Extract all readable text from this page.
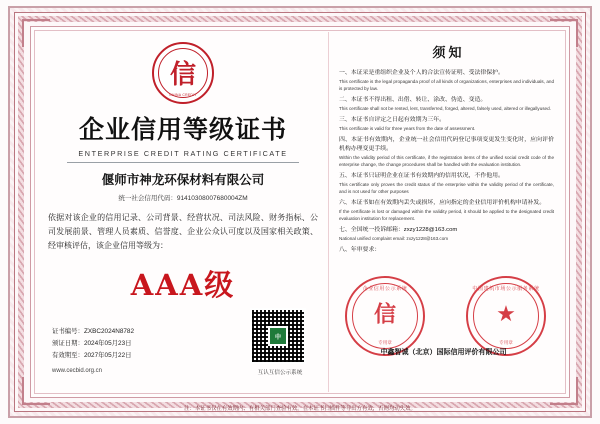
信
CHINA CREDIT
企业信用等级证书
ENTERPRISE CREDIT RATING CERTIFICATE
偃师市神龙环保材料有限公司
统一社会信用代码：91410308007680004ZM
依据对该企业的信用记录、公司背景、经营状况、司法风险、财务指标、公司发展前景、管理人员素质、信誉度、企业公众认可度以及国家相关政策、经审核评估，该企业信用等级为：
AAA级
证书编号：ZXBC2024N8782
颁证日期：2024年05月23日
有效期至：2027年05月22日
中
互认互信公示系统
www.cecbid.org.cn
须知
一、本证采是重组织企业及个人的合法宣传证明、受法律保护。
This certificate is the legal propaganda proof of all kinds of organizations, enterprises and individuals, and is protected by law.
二、本证书不得出租、出借、转让、涂改、伪造、变造。
This certificate shall not be rented, lent, transferred, forged, altered, falsely used, altered or illegallyused.
三、本证书自评定之日起有效期为三年。
This certificate is valid for three years from the date of assessment.
四、本证书有效期内，企业统一社会信用代码登记事项变更发生变化时，应向评价机构办理变更手续。
Within the validity period of this certificate, if the registration items of the unified social credit code of the enterprise change, the change procedures shall be handled with the evaluation institution.
五、本证书只证明企业在证书有效期内的信用状况，不作他用。
This certificate only proves the credit status of the enterprise within the validity period of the certificate, and is not used for other purposes
六、本证书如在有效期内丢失或损坏，应向指定的企业信用评价机构申请补发。
If the certificate is lost or damaged within the validity period, it should be applied to the designated credit evaluation institution for replacement.
七、全国统一投诉邮箱：zxzy1228@163.com
National unified complaint email: zxzy1228@163.com
八、年审要求：
企业信用公示系统
信
专用章
中国建筑市场公示服务系统
★
专用章
中鑫智诚（北京）国际信用评价有限公司
注：本证书仅在有效期内、有相关部门查验有效。在本证书扫描件等导出方有效，否则均动失效。
